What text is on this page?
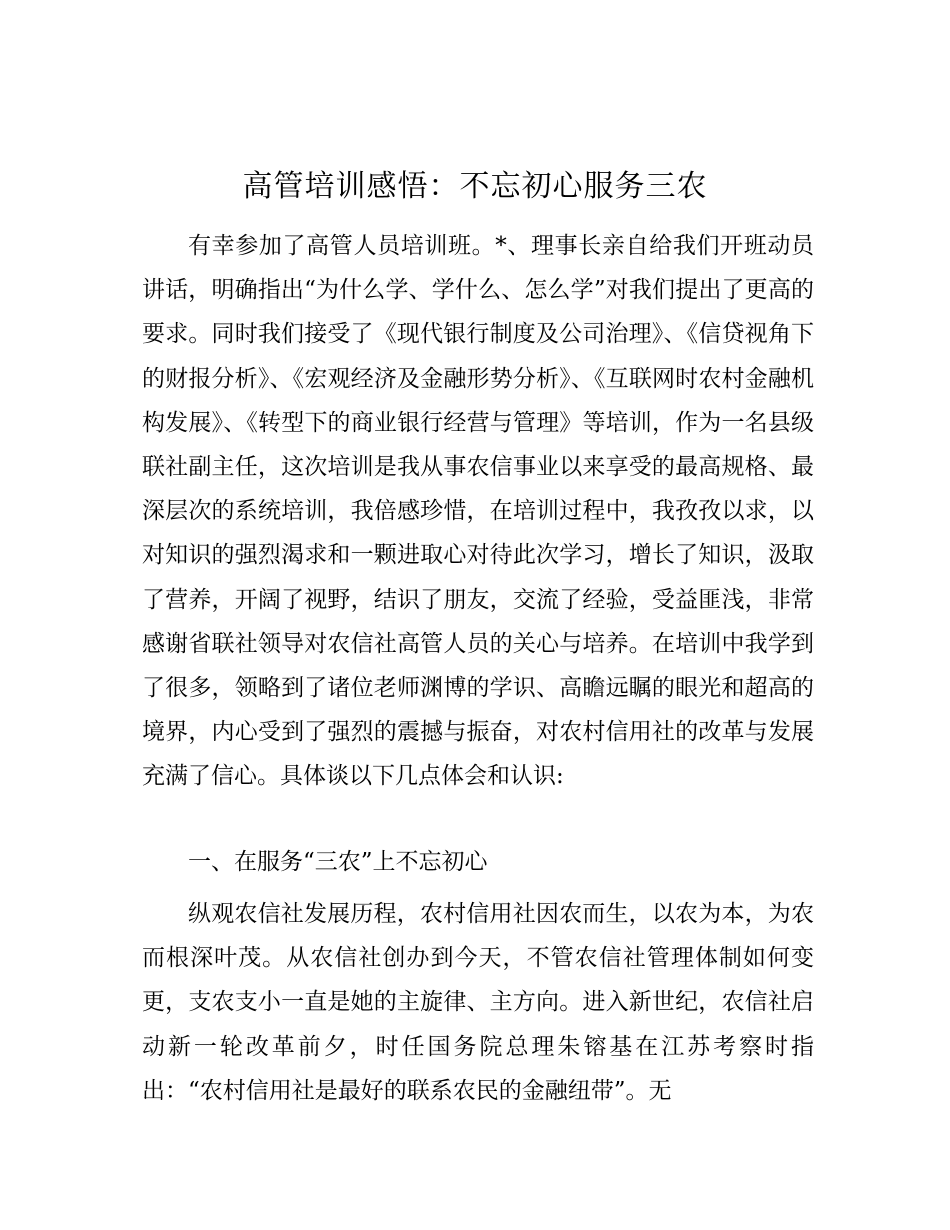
高管培训感悟：不忘初心服务三农

有幸参加了高管人员培训班。*、理事长亲自给我们开班动员讲话，明确指出“为什么学、学什么、怎么学”对我们提出了更高的要求。同时我们接受了《现代银行制度及公司治理》、《信贷视角下的财报分析》、《宏观经济及金融形势分析》、《互联网时农村金融机构发展》、《转型下的商业银行经营与管理》等培训，作为一名县级联社副主任，这次培训是我从事农信事业以来享受的最高规格、最深层次的系统培训，我倍感珍惜，在培训过程中，我孜孜以求，以对知识的强烈渴求和一颗进取心对待此次学习，增长了知识，汲取了营养，开阔了视野，结识了朋友，交流了经验，受益匪浅，非常感谢省联社领导对农信社高管人员的关心与培养。在培训中我学到了很多，领略到了诸位老师渊博的学识、高瞻远瞩的眼光和超高的境界，内心受到了强烈的震撼与振奋，对农村信用社的改革与发展充满了信心。具体谈以下几点体会和认识:

一、在服务“三农”上不忘初心

纵观农信社发展历程，农村信用社因农而生，以农为本，为农而根深叶茂。从农信社创办到今天，不管农信社管理体制如何变更，支农支小一直是她的主旋律、主方向。进入新世纪，农信社启动新一轮改革前夕，时任国务院总理朱镕基在江苏考察时指出：“农村信用社是最好的联系农民的金融纽带”。无
